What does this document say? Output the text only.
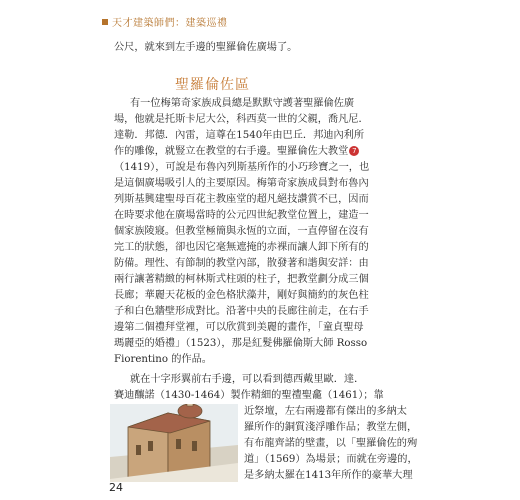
天才建築師們：建築巡禮
公尺，就來到左手邊的聖羅倫佐廣場了。
聖羅倫佐區
有一位梅第奇家族成員總是默默守護著聖羅倫佐廣
場，他就是托斯卡尼大公，科西莫一世的父親，喬凡尼．
達勒．邦德．內雷，這尊在1540年由巴丘．邦迪內利所
作的雕像，就豎立在教堂的右手邊。聖羅倫佐大教堂 7
（1419），可說是布魯內列斯基所作的小巧珍寶之一，也
是這個廣場吸引人的主要原因。梅第奇家族成員對布魯內
列斯基興建聖母百花主教座堂的超凡絕技讚賞不已，因而
在時要求他在廣場當時的公元四世紀教堂位置上，建造一
個家族陵寢。但教堂極簡與永恆的立面，一直停留在沒有
完工的狀態，卻也因它毫無遮掩的赤裸而讓人卸下所有的
防備。理性、有節制的教堂內部，散發著和諧與安詳：由
兩行讓著精緻的柯林斯式柱頭的柱子，把教堂劃分成三個
長廊；華麗天花板的金色格狀藻井，剛好與簡約的灰色柱
子和白色牆壁形成對比。沿著中央的長廊往前走，在右手
邊第二個禮拜堂裡，可以欣賞到美麗的畫作，「童貞聖母
瑪麗亞的婚禮」（1523），那是紅髮佛羅倫斯大師 Rosso
Fiorentino 的作品。
就在十字形翼前右手邊，可以看到德西戴里歐．達．
賽迪釀諾（1430-1464）製作精細的聖禮聖龕（1461）；靠
近祭壇，左右兩邊都有傑出的多納太
羅所作的銅質淺浮雕作品；教堂左側，
有布龍齊諾的壁畫，以「聖羅倫佐的殉
道」（1569）為場景；而就在旁邊的，
是多納太羅在1413年所作的豪華大理
24
